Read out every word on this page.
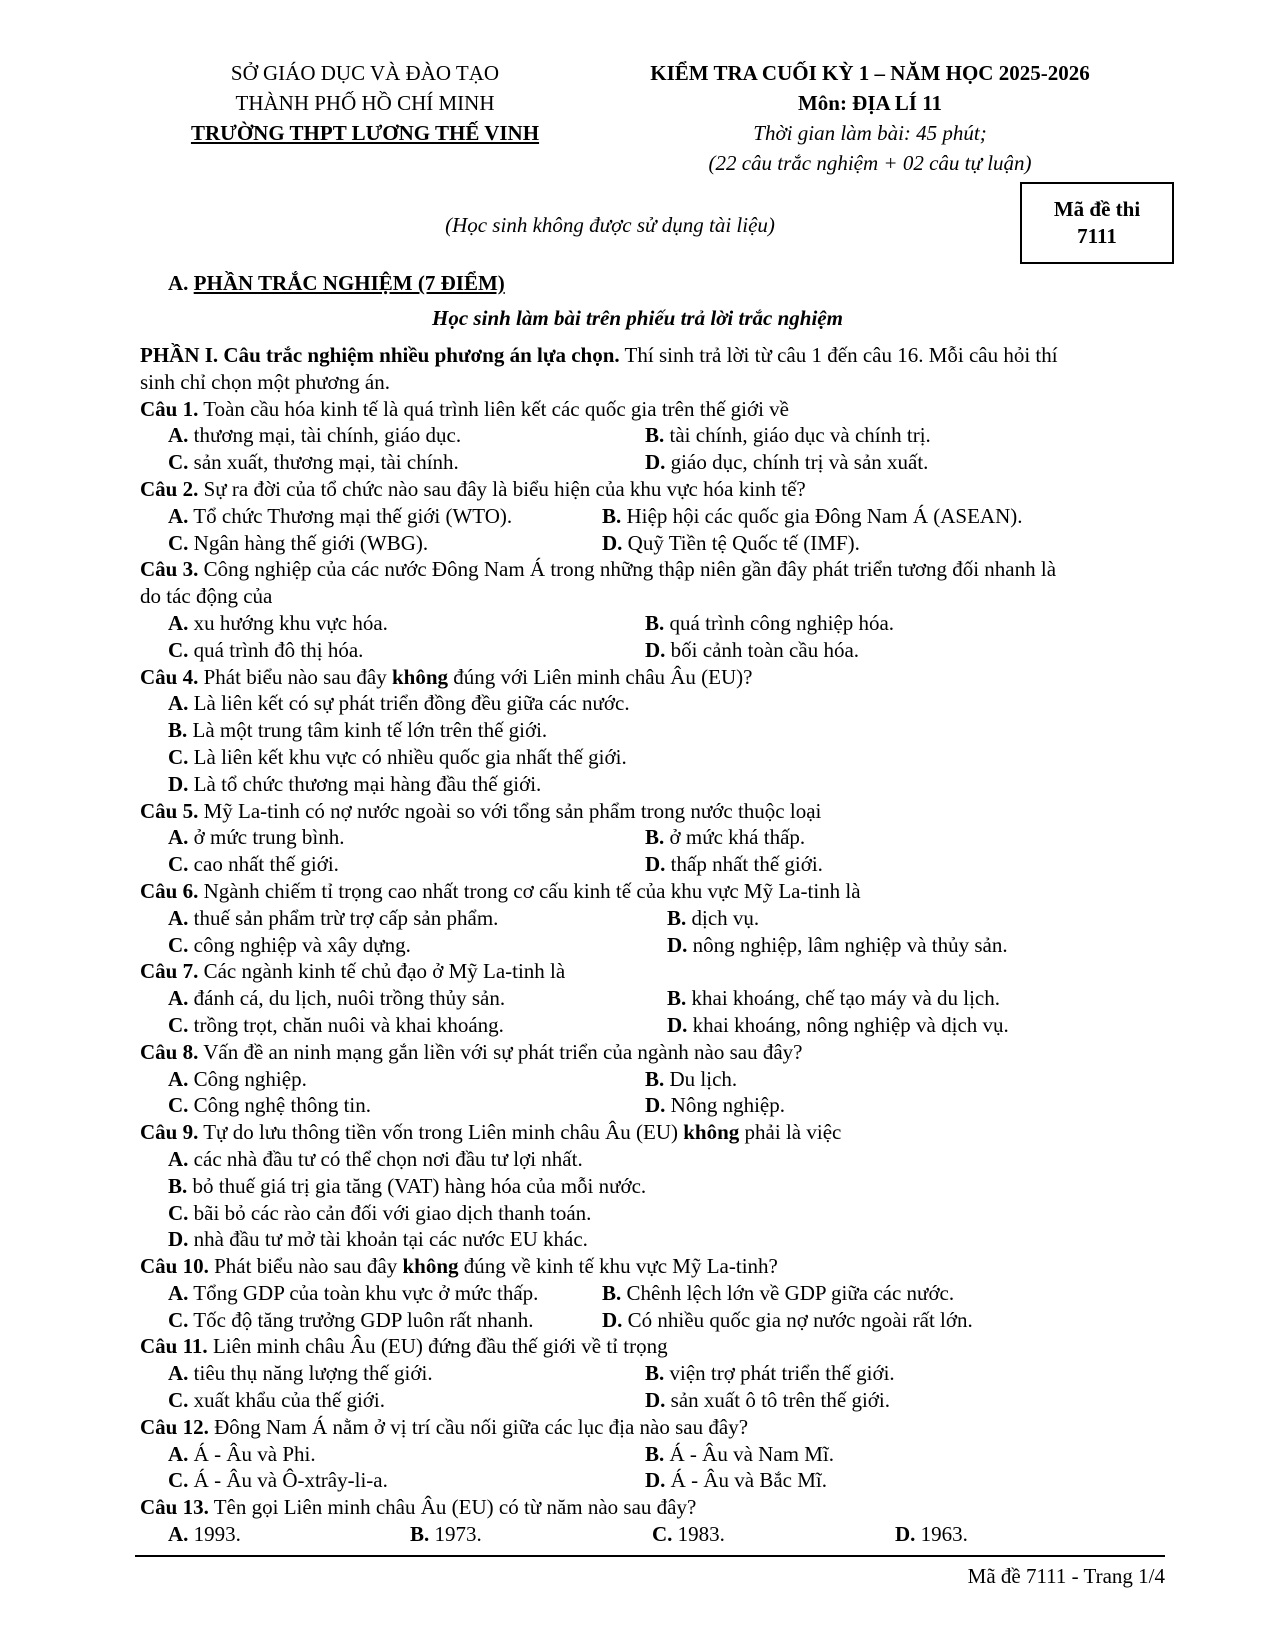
SỞ GIÁO DỤC VÀ ĐÀO TẠO
THÀNH PHỐ HỒ CHÍ MINH
TRƯỜNG THPT LƯƠNG THẾ VINH
KIỂM TRA CUỐI KỲ 1 – NĂM HỌC 2025-2026
Môn: ĐỊA LÍ 11
Thời gian làm bài: 45 phút;
(22 câu trắc nghiệm + 02 câu tự luận)
Mã đề thi
7111
(Học sinh không được sử dụng tài liệu)
A. PHẦN TRẮC NGHIỆM (7 ĐIỂM)
Học sinh làm bài trên phiếu trả lời trắc nghiệm
PHẦN I. Câu trắc nghiệm nhiều phương án lựa chọn. Thí sinh trả lời từ câu 1 đến câu 16. Mỗi câu hỏi thí
sinh chỉ chọn một phương án.
Câu 1. Toàn cầu hóa kinh tế là quá trình liên kết các quốc gia trên thế giới về
A. thương mại, tài chính, giáo dục.	B. tài chính, giáo dục và chính trị.
C. sản xuất, thương mại, tài chính.	D. giáo dục, chính trị và sản xuất.
Câu 2. Sự ra đời của tổ chức nào sau đây là biểu hiện của khu vực hóa kinh tế?
A. Tổ chức Thương mại thế giới (WTO).	B. Hiệp hội các quốc gia Đông Nam Á (ASEAN).
C. Ngân hàng thế giới (WBG).	D. Quỹ Tiền tệ Quốc tế (IMF).
Câu 3. Công nghiệp của các nước Đông Nam Á trong những thập niên gần đây phát triển tương đối nhanh là
do tác động của
A. xu hướng khu vực hóa.	B. quá trình công nghiệp hóa.
C. quá trình đô thị hóa.	D. bối cảnh toàn cầu hóa.
Câu 4. Phát biểu nào sau đây không đúng với Liên minh châu Âu (EU)?
A. Là liên kết có sự phát triển đồng đều giữa các nước.
B. Là một trung tâm kinh tế lớn trên thế giới.
C. Là liên kết khu vực có nhiều quốc gia nhất thế giới.
D. Là tổ chức thương mại hàng đầu thế giới.
Câu 5. Mỹ La-tinh có nợ nước ngoài so với tổng sản phẩm trong nước thuộc loại
A. ở mức trung bình.	B. ở mức khá thấp.
C. cao nhất thế giới.	D. thấp nhất thế giới.
Câu 6. Ngành chiếm tỉ trọng cao nhất trong cơ cấu kinh tế của khu vực Mỹ La-tinh là
A. thuế sản phẩm trừ trợ cấp sản phẩm.	B. dịch vụ.
C. công nghiệp và xây dựng.	D. nông nghiệp, lâm nghiệp và thủy sản.
Câu 7. Các ngành kinh tế chủ đạo ở Mỹ La-tinh là
A. đánh cá, du lịch, nuôi trồng thủy sản.	B. khai khoáng, chế tạo máy và du lịch.
C. trồng trọt, chăn nuôi và khai khoáng.	D. khai khoáng, nông nghiệp và dịch vụ.
Câu 8. Vấn đề an ninh mạng gắn liền với sự phát triển của ngành nào sau đây?
A. Công nghiệp.	B. Du lịch.
C. Công nghệ thông tin.	D. Nông nghiệp.
Câu 9. Tự do lưu thông tiền vốn trong Liên minh châu Âu (EU) không phải là việc
A. các nhà đầu tư có thể chọn nơi đầu tư lợi nhất.
B. bỏ thuế giá trị gia tăng (VAT) hàng hóa của mỗi nước.
C. bãi bỏ các rào cản đối với giao dịch thanh toán.
D. nhà đầu tư mở tài khoản tại các nước EU khác.
Câu 10. Phát biểu nào sau đây không đúng về kinh tế khu vực Mỹ La-tinh?
A. Tổng GDP của toàn khu vực ở mức thấp.	B. Chênh lệch lớn về GDP giữa các nước.
C. Tốc độ tăng trưởng GDP luôn rất nhanh.	D. Có nhiều quốc gia nợ nước ngoài rất lớn.
Câu 11. Liên minh châu Âu (EU) đứng đầu thế giới về tỉ trọng
A. tiêu thụ năng lượng thế giới.	B. viện trợ phát triển thế giới.
C. xuất khẩu của thế giới.	D. sản xuất ô tô trên thế giới.
Câu 12. Đông Nam Á nằm ở vị trí cầu nối giữa các lục địa nào sau đây?
A. Á - Âu và Phi.	B. Á - Âu và Nam Mĩ.
C. Á - Âu và Ô-xtrây-li-a.	D. Á - Âu và Bắc Mĩ.
Câu 13. Tên gọi Liên minh châu Âu (EU) có từ năm nào sau đây?
A. 1993.	B. 1973.	C. 1983.	D. 1963.
Mã đề 7111 - Trang 1/4
